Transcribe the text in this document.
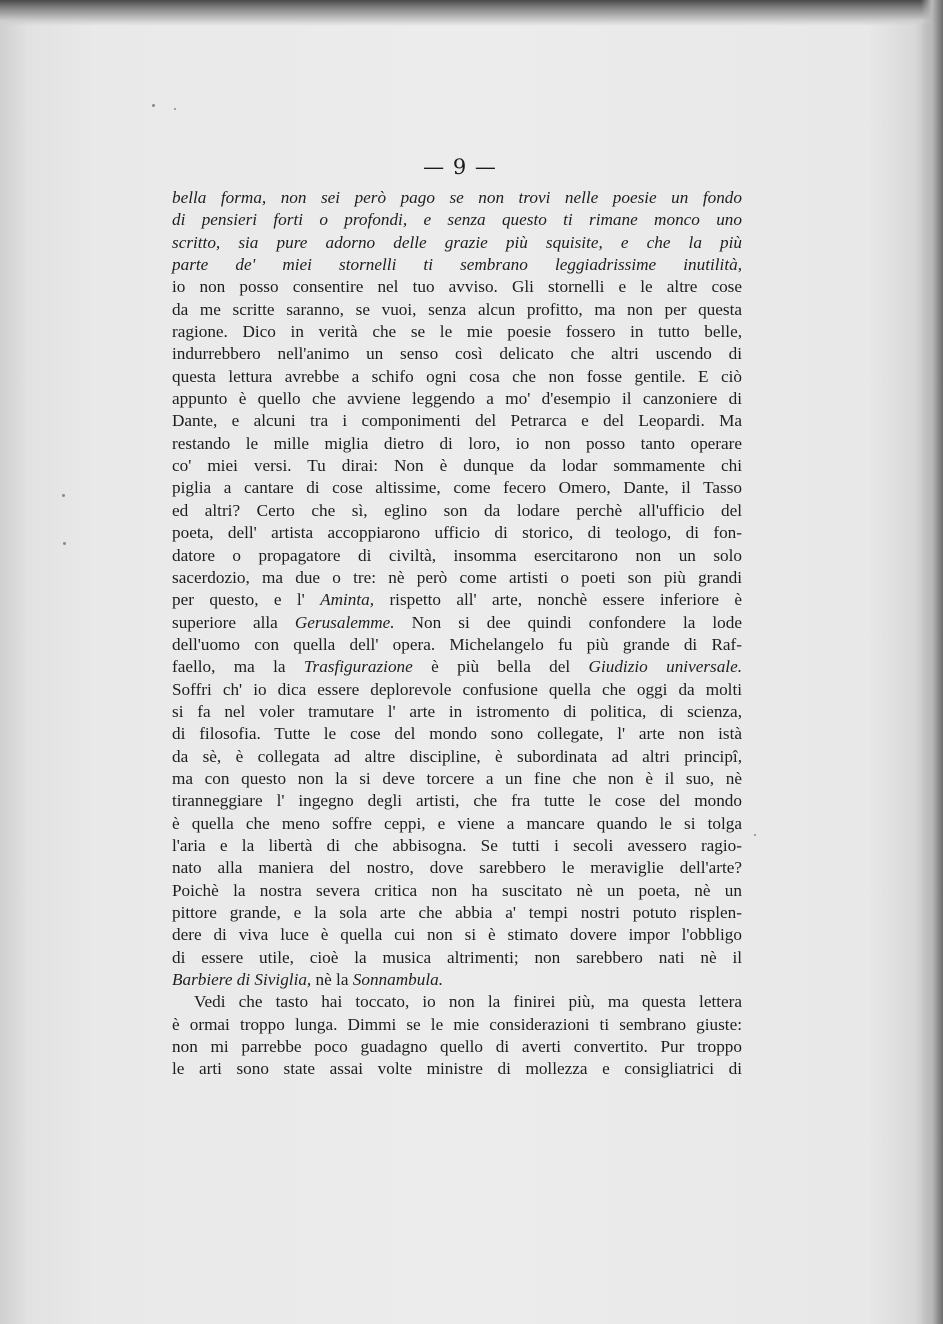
— 9 —
bella forma, non sei però pago se non trovi nelle poesie un fondo
di pensieri forti o profondi, e senza questo ti rimane monco uno
scritto, sia pure adorno delle grazie più squisite, e che la più
parte de' miei stornelli ti sembrano leggiadrissime inutilità,
io non posso consentire nel tuo avviso. Gli stornelli e le altre cose
da me scritte saranno, se vuoi, senza alcun profitto, ma non per questa
ragione. Dico in verità che se le mie poesie fossero in tutto belle,
indurrebbero nell'animo un senso così delicato che altri uscendo di
questa lettura avrebbe a schifo ogni cosa che non fosse gentile. E ciò
appunto è quello che avviene leggendo a mo' d'esempio il canzoniere di
Dante, e alcuni tra i componimenti del Petrarca e del Leopardi. Ma
restando le mille miglia dietro di loro, io non posso tanto operare
co' miei versi. Tu dirai: Non è dunque da lodar sommamente chi
piglia a cantare di cose altissime, come fecero Omero, Dante, il Tasso
ed altri? Certo che sì, eglino son da lodare perchè all'ufficio del
poeta, dell' artista accoppiarono ufficio di storico, di teologo, di fon-
datore o propagatore di civiltà, insomma esercitarono non un solo
sacerdozio, ma due o tre: nè però come artisti o poeti son più grandi
per questo, e l' Aminta, rispetto all' arte, nonchè essere inferiore è
superiore alla Gerusalemme. Non si dee quindi confondere la lode
dell'uomo con quella dell' opera. Michelangelo fu più grande di Raf-
faello, ma la Trasfigurazione è più bella del Giudizio universale.
Soffri ch' io dica essere deplorevole confusione quella che oggi da molti
si fa nel voler tramutare l' arte in istromento di politica, di scienza,
di filosofia. Tutte le cose del mondo sono collegate, l' arte non istà
da sè, è collegata ad altre discipline, è subordinata ad altri principî,
ma con questo non la si deve torcere a un fine che non è il suo, nè
tiranneggiare l' ingegno degli artisti, che fra tutte le cose del mondo
è quella che meno soffre ceppi, e viene a mancare quando le si tolga
l'aria e la libertà di che abbisogna. Se tutti i secoli avessero ragio-
nato alla maniera del nostro, dove sarebbero le meraviglie dell'arte?
Poichè la nostra severa critica non ha suscitato nè un poeta, nè un
pittore grande, e la sola arte che abbia a' tempi nostri potuto risplen-
dere di viva luce è quella cui non si è stimato dovere impor l'obbligo
di essere utile, cioè la musica altrimenti; non sarebbero nati nè il
Barbiere di Siviglia, nè la Sonnambula.
Vedi che tasto hai toccato, io non la finirei più, ma questa lettera
è ormai troppo lunga. Dimmi se le mie considerazioni ti sembrano giuste:
non mi parrebbe poco guadagno quello di averti convertito. Pur troppo
le arti sono state assai volte ministre di mollezza e consigliatrici di
